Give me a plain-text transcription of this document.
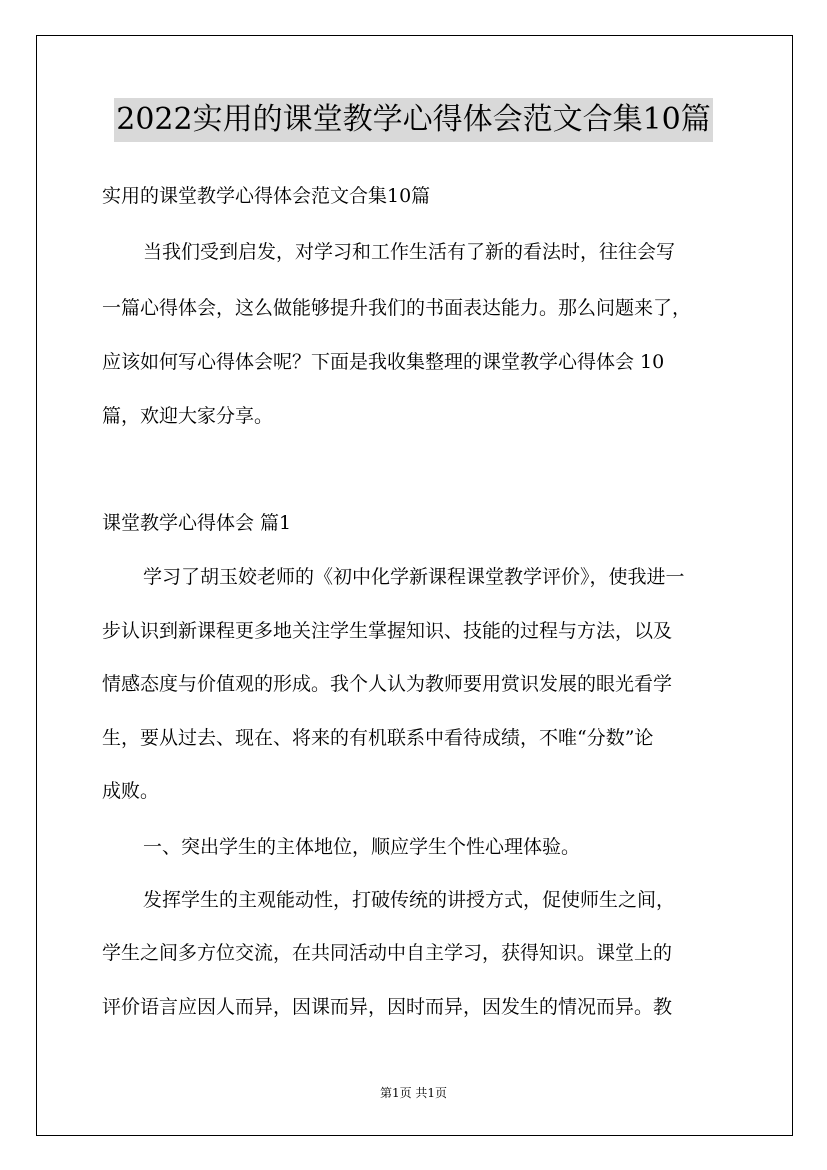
2022实用的课堂教学心得体会范文合集10篇
实用的课堂教学心得体会范文合集10篇
当我们受到启发，对学习和工作生活有了新的看法时，往往会写
一篇心得体会，这么做能够提升我们的书面表达能力。那么问题来了，
应该如何写心得体会呢？下面是我收集整理的课堂教学心得体会 10
篇，欢迎大家分享。
课堂教学心得体会 篇1
学习了胡玉姣老师的《初中化学新课程课堂教学评价》，使我进一
步认识到新课程更多地关注学生掌握知识、技能的过程与方法，以及
情感态度与价值观的形成。我个人认为教师要用赏识发展的眼光看学
生，要从过去、现在、将来的有机联系中看待成绩，不唯“分数”论
成败。
一、突出学生的主体地位，顺应学生个性心理体验。
发挥学生的主观能动性，打破传统的讲授方式，促使师生之间，
学生之间多方位交流，在共同活动中自主学习，获得知识。课堂上的
评价语言应因人而异，因课而异，因时而异，因发生的情况而异。教
第1页 共1页
